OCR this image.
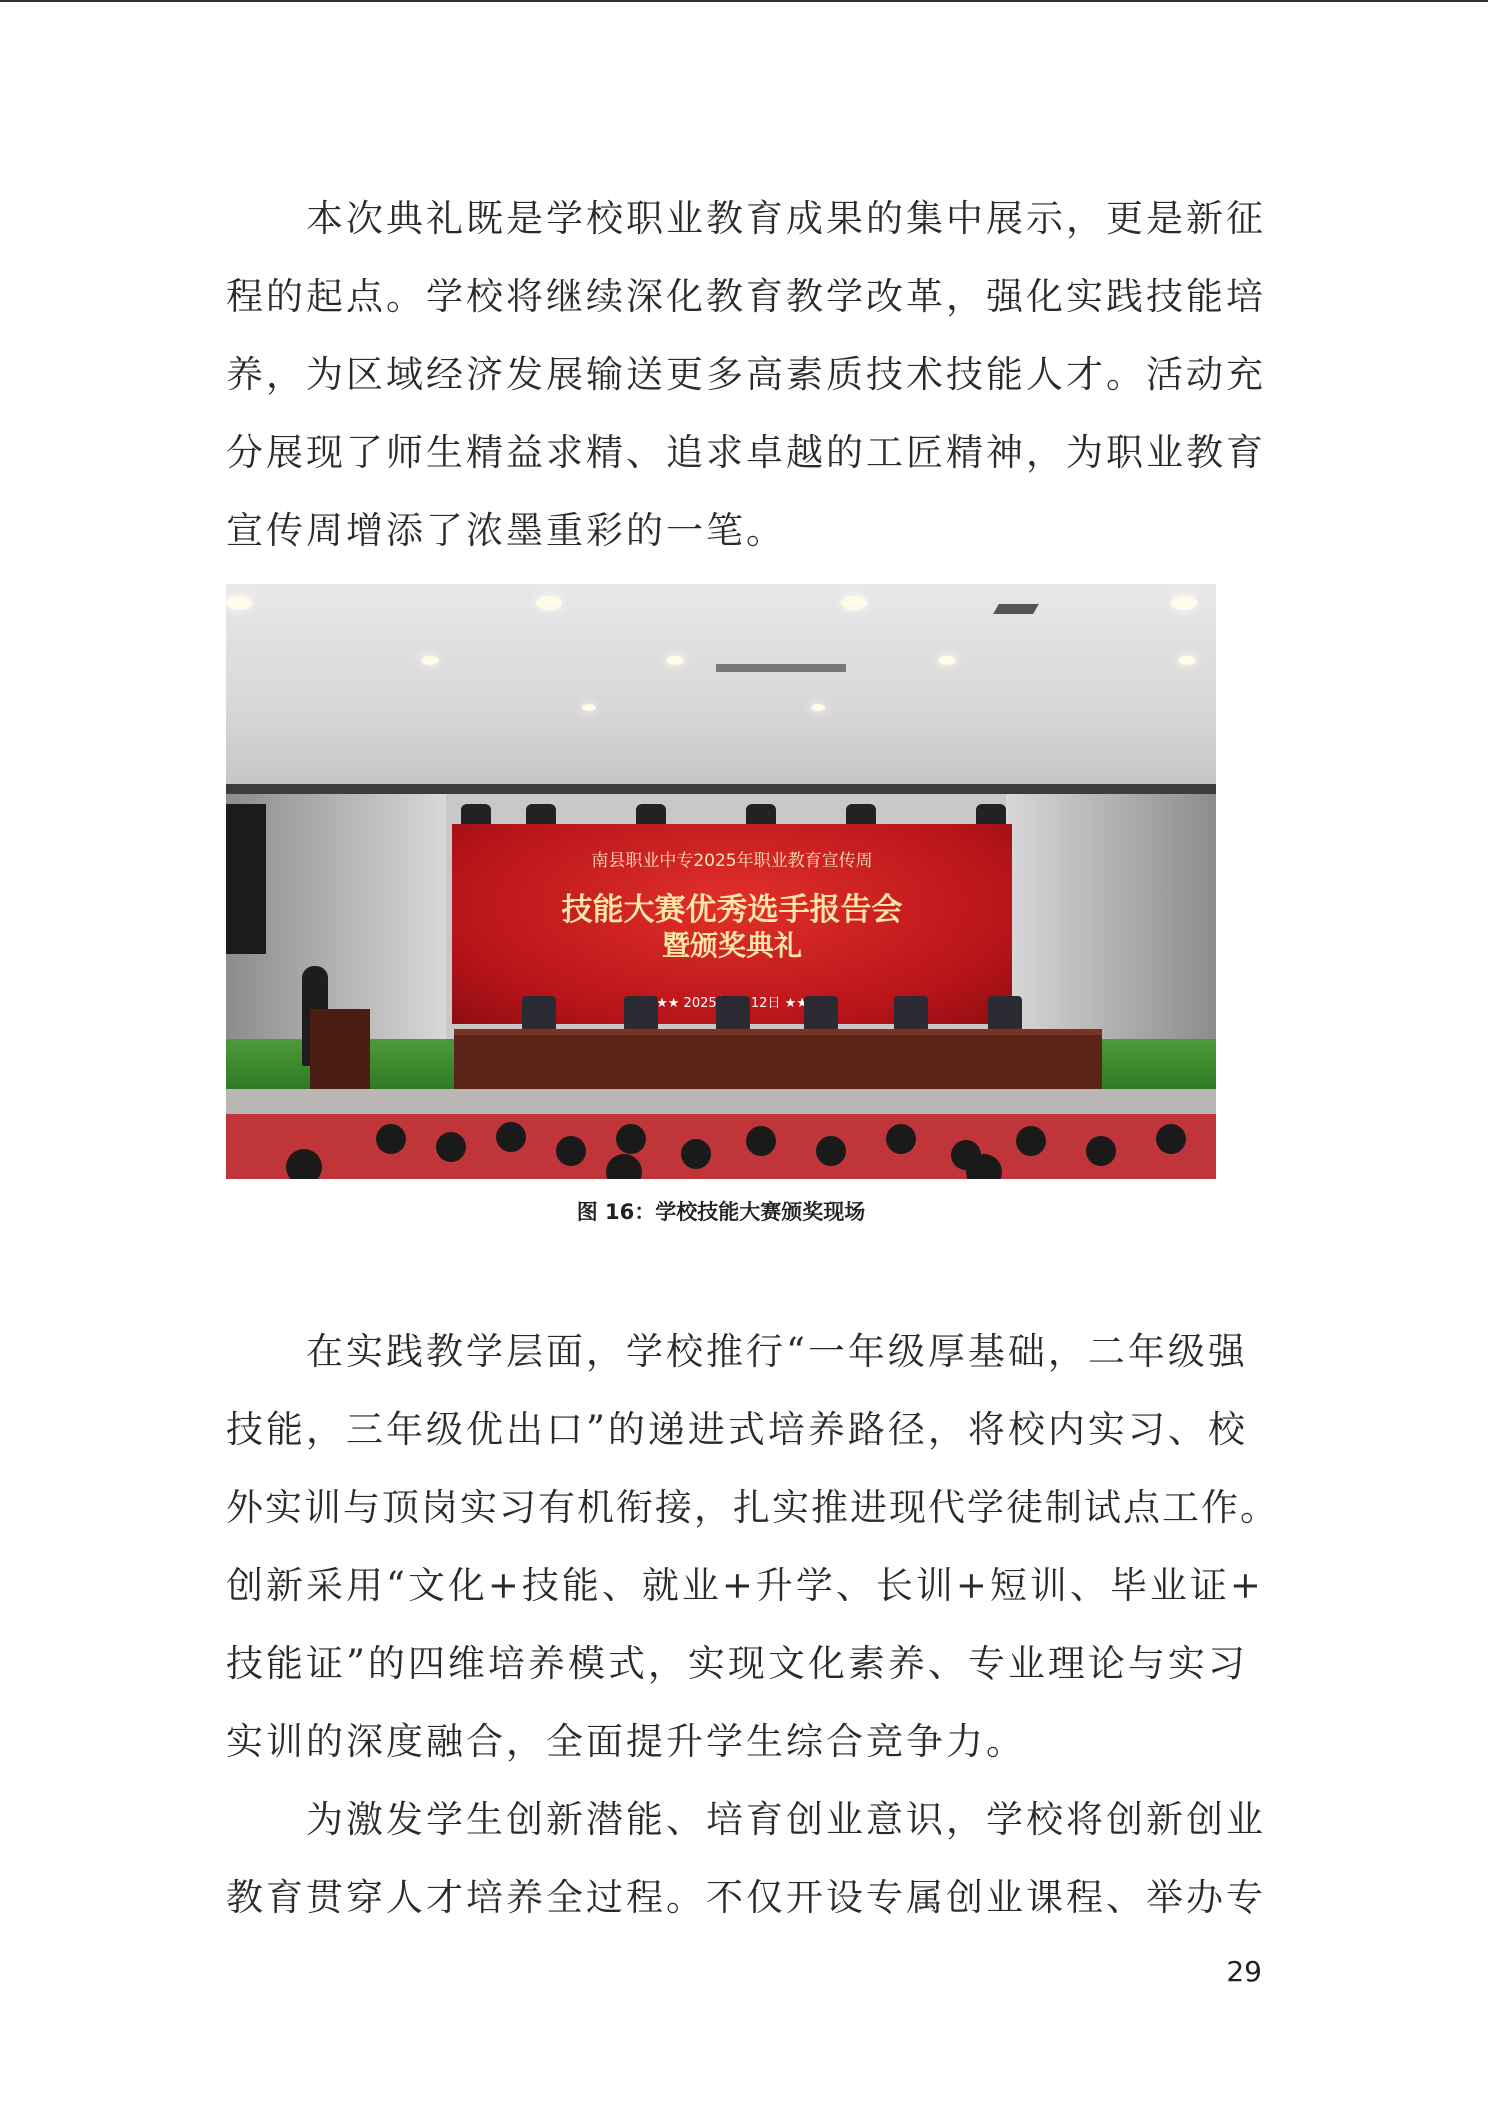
本次典礼既是学校职业教育成果的集中展示，更是新征
程的起点。学校将继续深化教育教学改革，强化实践技能培
养，为区域经济发展输送更多高素质技术技能人才。活动充
分展现了师生精益求精、追求卓越的工匠精神，为职业教育
宣传周增添了浓墨重彩的一笔。
南县职业中专2025年职业教育宣传周
技能大赛优秀选手报告会
暨颁奖典礼
★★ ★★
图 16：学校技能大赛颁奖现场
在实践教学层面，学校推行“一年级厚基础，二年级强
技能，三年级优出口”的递进式培养路径，将校内实习、校
外实训与顶岗实习有机衔接，扎实推进现代学徒制试点工作。
创新采用“文化+技能、就业+升学、长训+短训、毕业证+
技能证”的四维培养模式，实现文化素养、专业理论与实习
实训的深度融合，全面提升学生综合竞争力。
为激发学生创新潜能、培育创业意识，学校将创新创业
教育贯穿人才培养全过程。不仅开设专属创业课程、举办专
29
